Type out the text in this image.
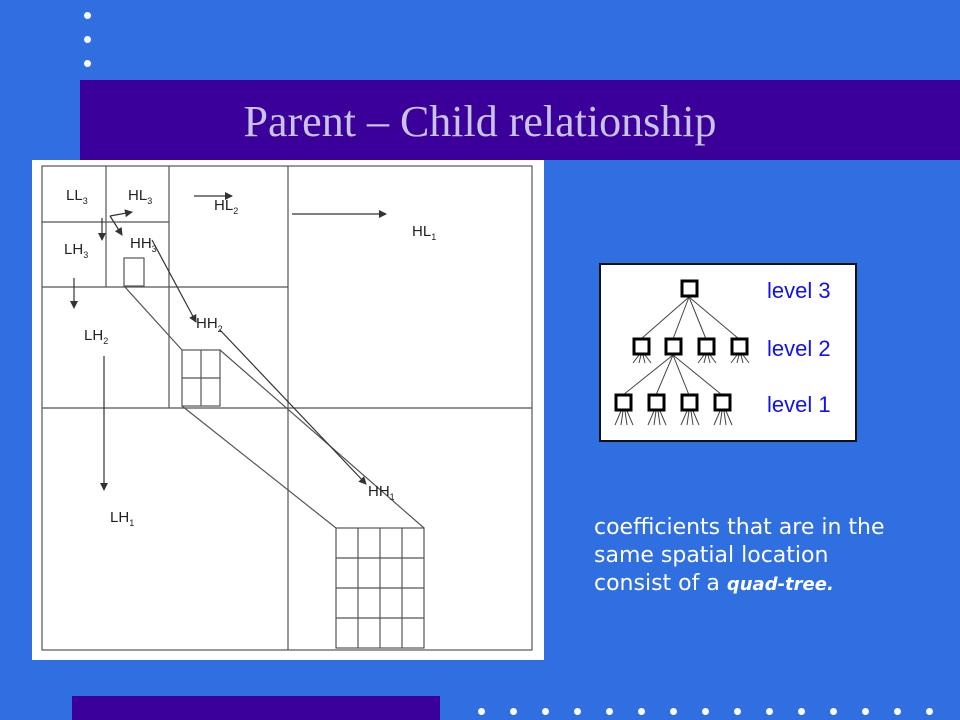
Parent – Child relationship
$LL_3$	$HL_3$
$LH_3$
$HH_3$
$HL_2$
$LH_2$
$HH_2$
$HL_1$
$LH_1$
$HH_1$
level 3
level 2
level 1
coefficients that are in the same spatial location consist of a quad-tree.
